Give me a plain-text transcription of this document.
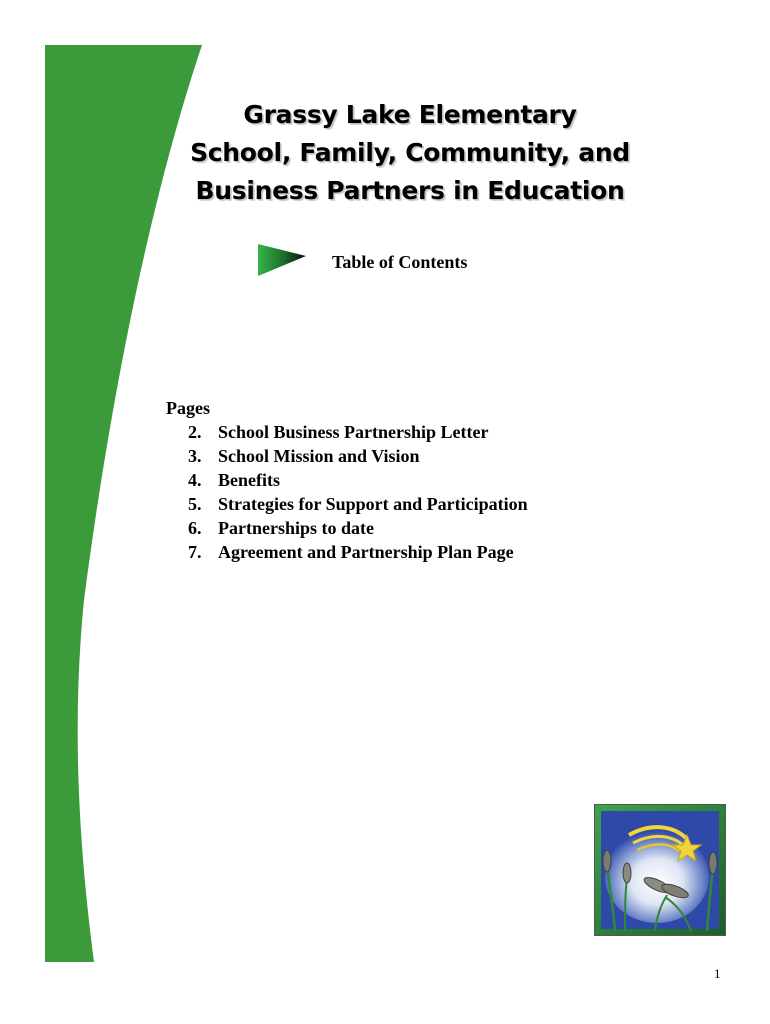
Grassy Lake Elementary
School, Family, Community, and
Business Partners in Education
Table of Contents
Pages
2. School Business Partnership Letter
3. School Mission and Vision
4. Benefits
5. Strategies for Support and Participation
6. Partnerships to date
7. Agreement and Partnership Plan Page
1
